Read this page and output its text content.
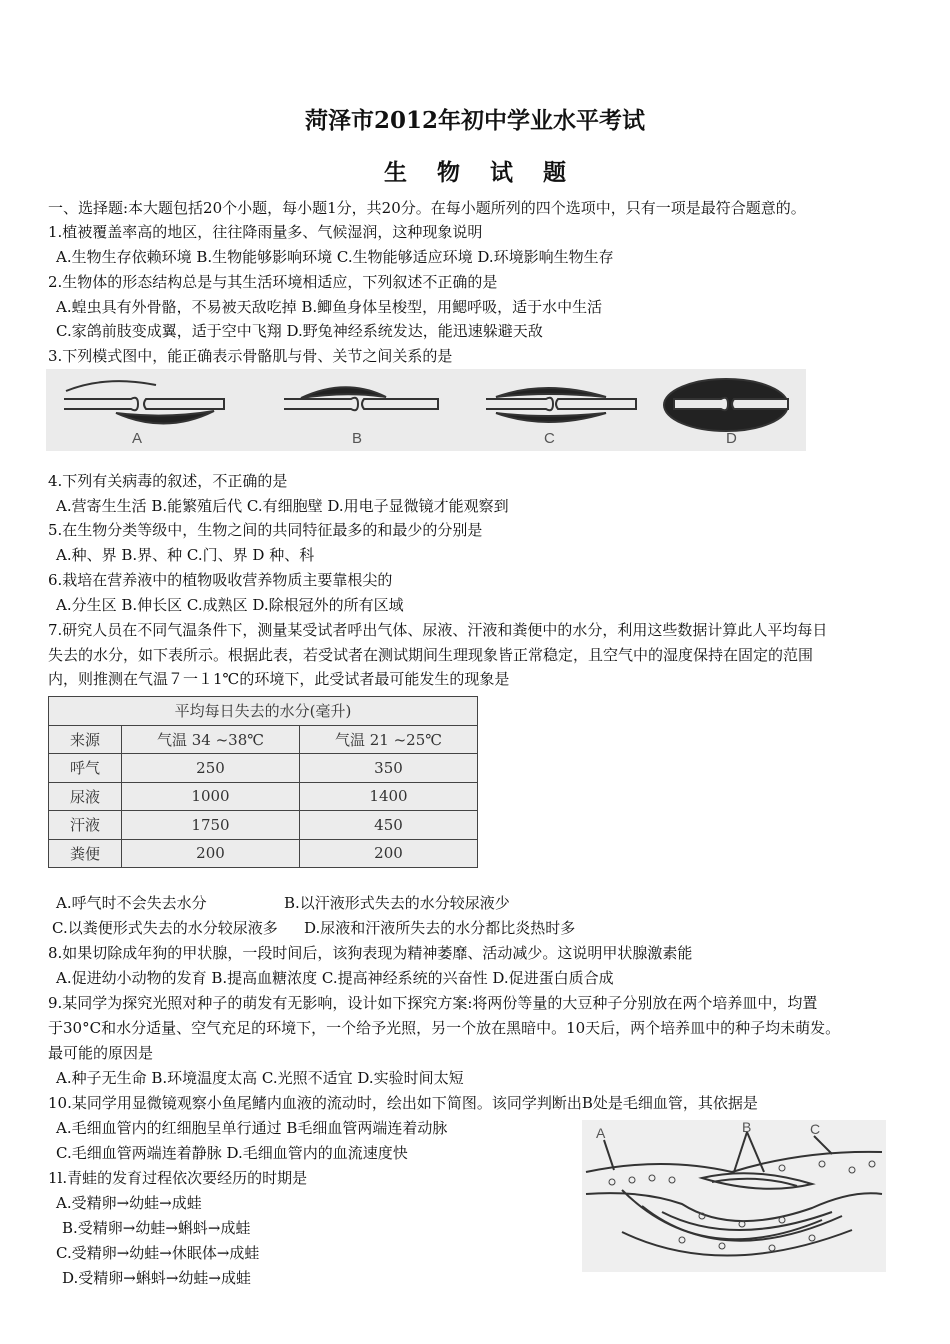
菏泽市2012年初中学业水平考试
生物试题
一、选择题:本大题包括20个小题，每小题1分，共20分。在每小题所列的四个选项中，只有一项是最符合题意的。
1.植被覆盖率高的地区，往往降雨量多、气候湿润，这种现象说明
A.生物生存依赖环境 B.生物能够影响环境 C.生物能够适应环境 D.环境影响生物生存
2.生物体的形态结构总是与其生活环境相适应，下列叙述不正确的是
A.蝗虫具有外骨骼，不易被天敌吃掉 B.鲫鱼身体呈梭型，用鳃呼吸，适于水中生活
C.家鸽前肢变成翼，适于空中飞翔 D.野兔神经系统发达，能迅速躲避天敌
3.下列模式图中，能正确表示骨骼肌与骨、关节之间关系的是
A	B	C	D
4.下列有关病毒的叙述，不正确的是
A.营寄生生活 B.能繁殖后代 C.有细胞壁 D.用电子显微镜才能观察到
5.在生物分类等级中，生物之间的共同特征最多的和最少的分别是
A.种、界 B.界、种 C.门、界 D 种、科
6.栽培在营养液中的植物吸收营养物质主要靠根尖的
A.分生区 B.伸长区 C.成熟区 D.除根冠外的所有区域
7.研究人员在不同气温条件下，测量某受试者呼出气体、尿液、汗液和粪便中的水分，利用这些数据计算此人平均每日
失去的水分，如下表所示。根据此表，若受试者在测试期间生理现象皆正常稳定，且空气中的湿度保持在固定的范围
内，则推测在气温７一１1℃的环境下，此受试者最可能发生的现象是
平均每日失去的水分(毫升)		
来源	气温 34 ~38℃	气温 21 ~25℃
呼气	250	350
尿液	1000	1400
汗液	1750	450
粪便	200	200
A.呼气时不会失去水分	B.以汗液形式失去的水分较尿液少
C.以粪便形式失去的水分较尿液多 D.尿液和汗液所失去的水分都比炎热时多
8.如果切除成年狗的甲状腺，一段时间后，该狗表现为精神萎靡、活动减少。这说明甲状腺激素能
A.促进幼小动物的发育 B.提高血糖浓度 C.提高神经系统的兴奋性 D.促进蛋白质合成
9.某同学为探究光照对种子的萌发有无影响，设计如下探究方案:将两份等量的大豆种子分别放在两个培养皿中，均置
于30°C和水分适量、空气充足的环境下，一个给予光照，另一个放在黑暗中。10天后，两个培养皿中的种子均未萌发。
最可能的原因是
A.种子无生命 B.环境温度太高 C.光照不适宜 D.实验时间太短
10.某同学用显微镜观察小鱼尾鳍内血液的流动时，绘出如下简图。该同学判断出B处是毛细血管，其依据是
A.毛细血管内的红细胞呈单行通过 B毛细血管两端连着动脉
C.毛细血管两端连着静脉 D.毛细血管内的血流速度快
A	B	C
1l.青蛙的发育过程依次要经历的时期是
A.受精卵→幼蛙→成蛙
B.受精卵→幼蛙→蝌蚪→成蛙
C.受精卵→幼蛙→休眠体→成蛙
D.受精卵→蝌蚪→幼蛙→成蛙
